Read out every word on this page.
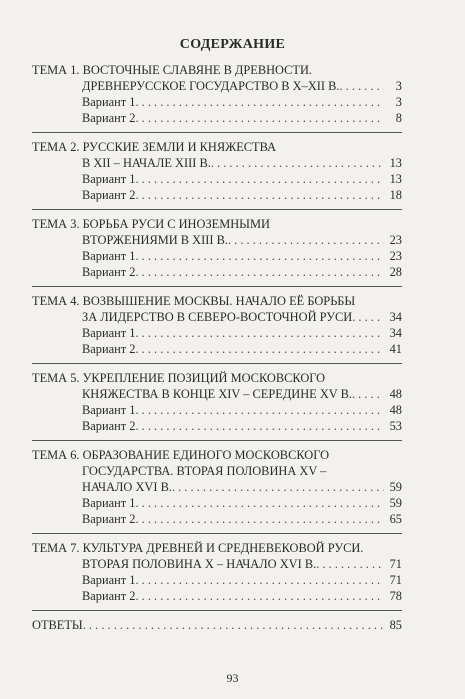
СОДЕРЖАНИЕ
ТЕМА 1. ВОСТОЧНЫЕ СЛАВЯНЕ В ДРЕВНОСТИ.
ДРЕВНЕРУССКОЕ ГОСУДАРСТВО В X–XII В. . . .	3
Вариант 1 . . .	3
Вариант 2 . . .	8
ТЕМА 2. РУССКИЕ ЗЕМЛИ И КНЯЖЕСТВА
В XII – НАЧАЛЕ XIII В. . . .	13
Вариант 1 . . .	13
Вариант 2 . . .	18
ТЕМА 3. БОРЬБА РУСИ С ИНОЗЕМНЫМИ
ВТОРЖЕНИЯМИ В XIII В. . . .	23
Вариант 1 . . .	23
Вариант 2 . . .	28
ТЕМА 4. ВОЗВЫШЕНИЕ МОСКВЫ. НАЧАЛО ЕЁ БОРЬБЫ
ЗА ЛИДЕРСТВО В СЕВЕРО-ВОСТОЧНОЙ РУСИ . . .	34
Вариант 1 . . .	34
Вариант 2 . . .	41
ТЕМА 5. УКРЕПЛЕНИЕ ПОЗИЦИЙ МОСКОВСКОГО
КНЯЖЕСТВА В КОНЦЕ XIV – СЕРЕДИНЕ XV В. . . .	48
Вариант 1 . . .	48
Вариант 2 . . .	53
ТЕМА 6. ОБРАЗОВАНИЕ ЕДИНОГО МОСКОВСКОГО
ГОСУДАРСТВА. ВТОРАЯ ПОЛОВИНА XV –
НАЧАЛО XVI В. . . .	59
Вариант 1 . . .	59
Вариант 2 . . .	65
ТЕМА 7. КУЛЬТУРА ДРЕВНЕЙ И СРЕДНЕВЕКОВОЙ РУСИ.
ВТОРАЯ ПОЛОВИНА X – НАЧАЛО XVI В. . . .	71
Вариант 1 . . .	71
Вариант 2 . . .	78
ОТВЕТЫ . . .	85
93
